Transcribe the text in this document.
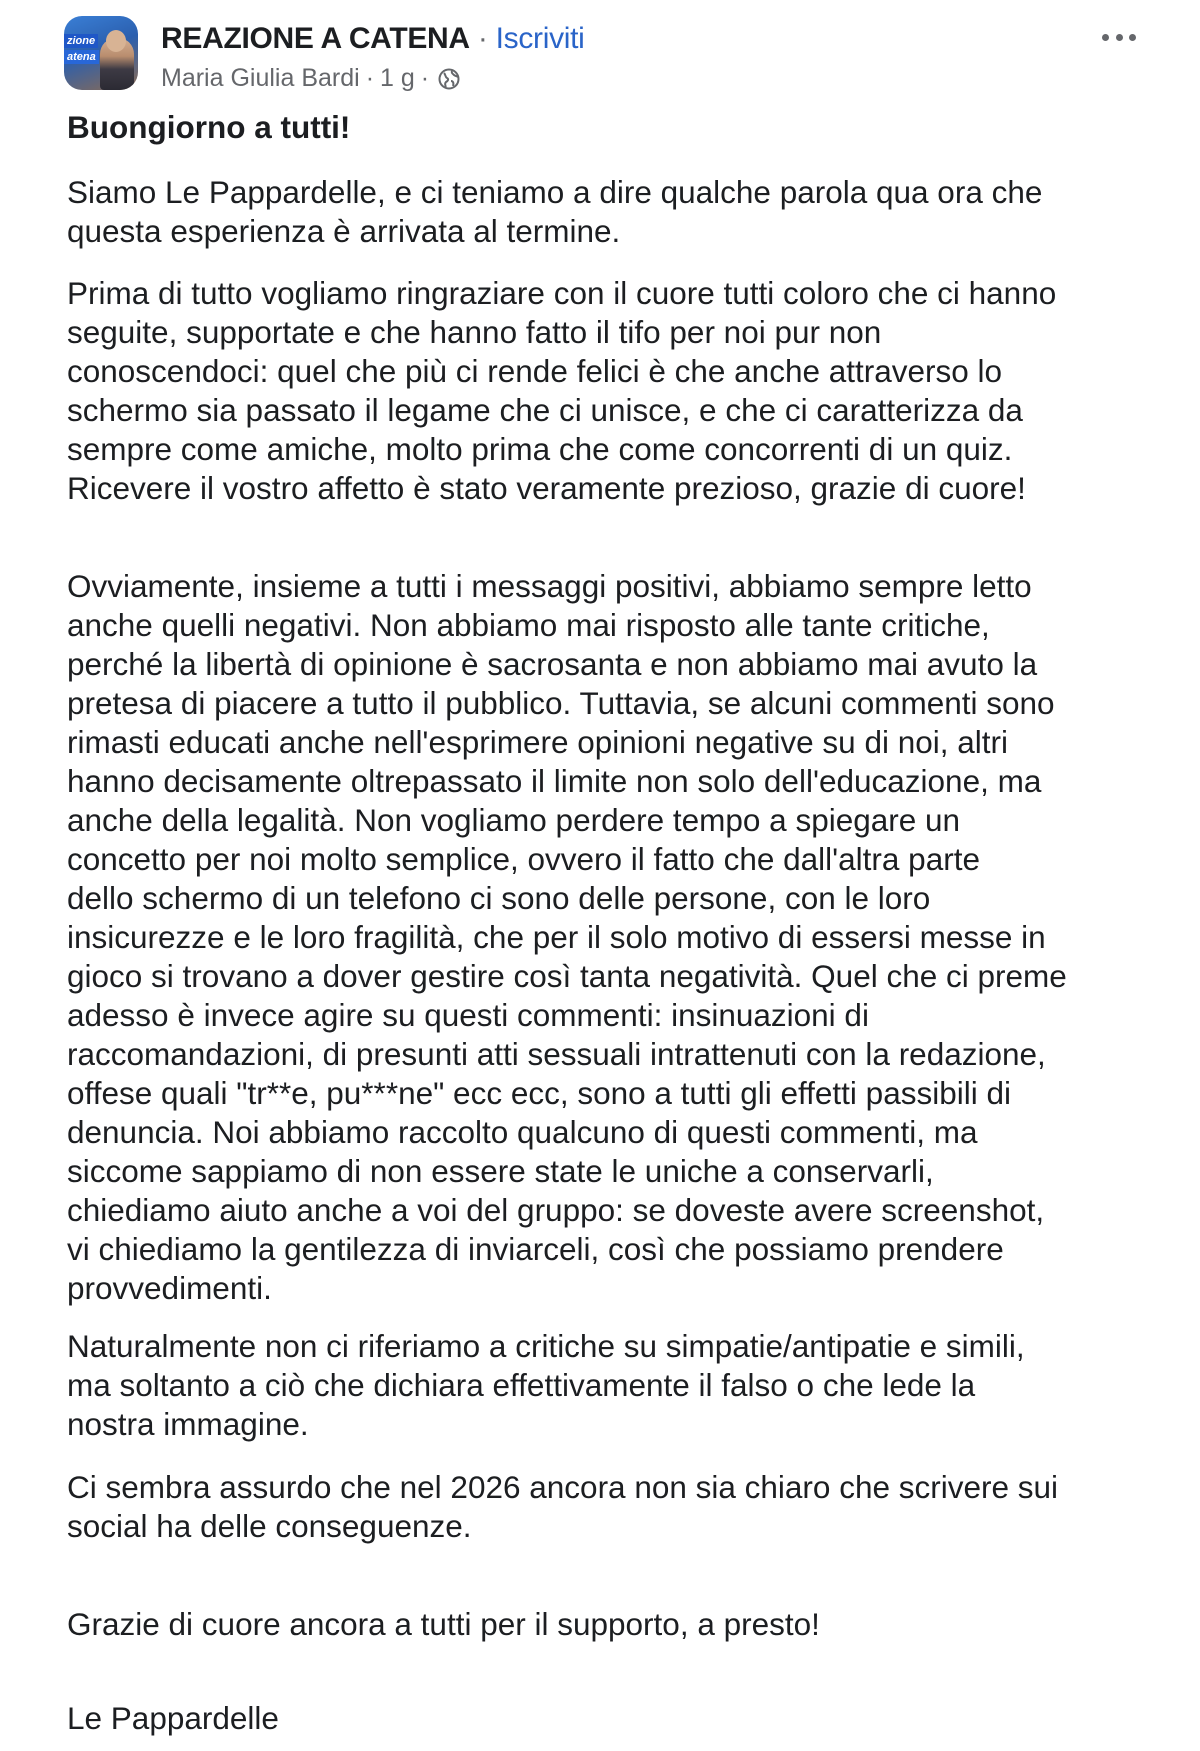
zione
atena
REAZIONE A CATENA · Iscriviti
Maria Giulia Bardi · 1 g ·

Buongiorno a tutti!

Siamo Le Pappardelle, e ci teniamo a dire qualche parola qua ora che
questa esperienza è arrivata al termine.

Prima di tutto vogliamo ringraziare con il cuore tutti coloro che ci hanno
seguite, supportate e che hanno fatto il tifo per noi pur non
conoscendoci: quel che più ci rende felici è che anche attraverso lo
schermo sia passato il legame che ci unisce, e che ci caratterizza da
sempre come amiche, molto prima che come concorrenti di un quiz.
Ricevere il vostro affetto è stato veramente prezioso, grazie di cuore!

Ovviamente, insieme a tutti i messaggi positivi, abbiamo sempre letto
anche quelli negativi. Non abbiamo mai risposto alle tante critiche,
perché la libertà di opinione è sacrosanta e non abbiamo mai avuto la
pretesa di piacere a tutto il pubblico. Tuttavia, se alcuni commenti sono
rimasti educati anche nell'esprimere opinioni negative su di noi, altri
hanno decisamente oltrepassato il limite non solo dell'educazione, ma
anche della legalità. Non vogliamo perdere tempo a spiegare un
concetto per noi molto semplice, ovvero il fatto che dall'altra parte
dello schermo di un telefono ci sono delle persone, con le loro
insicurezze e le loro fragilità, che per il solo motivo di essersi messe in
gioco si trovano a dover gestire così tanta negatività. Quel che ci preme
adesso è invece agire su questi commenti: insinuazioni di
raccomandazioni, di presunti atti sessuali intrattenuti con la redazione,
offese quali "tr**e, pu***ne" ecc ecc, sono a tutti gli effetti passibili di
denuncia. Noi abbiamo raccolto qualcuno di questi commenti, ma
siccome sappiamo di non essere state le uniche a conservarli,
chiediamo aiuto anche a voi del gruppo: se doveste avere screenshot,
vi chiediamo la gentilezza di inviarceli, così che possiamo prendere
provvedimenti.

Naturalmente non ci riferiamo a critiche su simpatie/antipatie e simili,
ma soltanto a ciò che dichiara effettivamente il falso o che lede la
nostra immagine.

Ci sembra assurdo che nel 2026 ancora non sia chiaro che scrivere sui
social ha delle conseguenze.

Grazie di cuore ancora a tutti per il supporto, a presto!

Le Pappardelle
